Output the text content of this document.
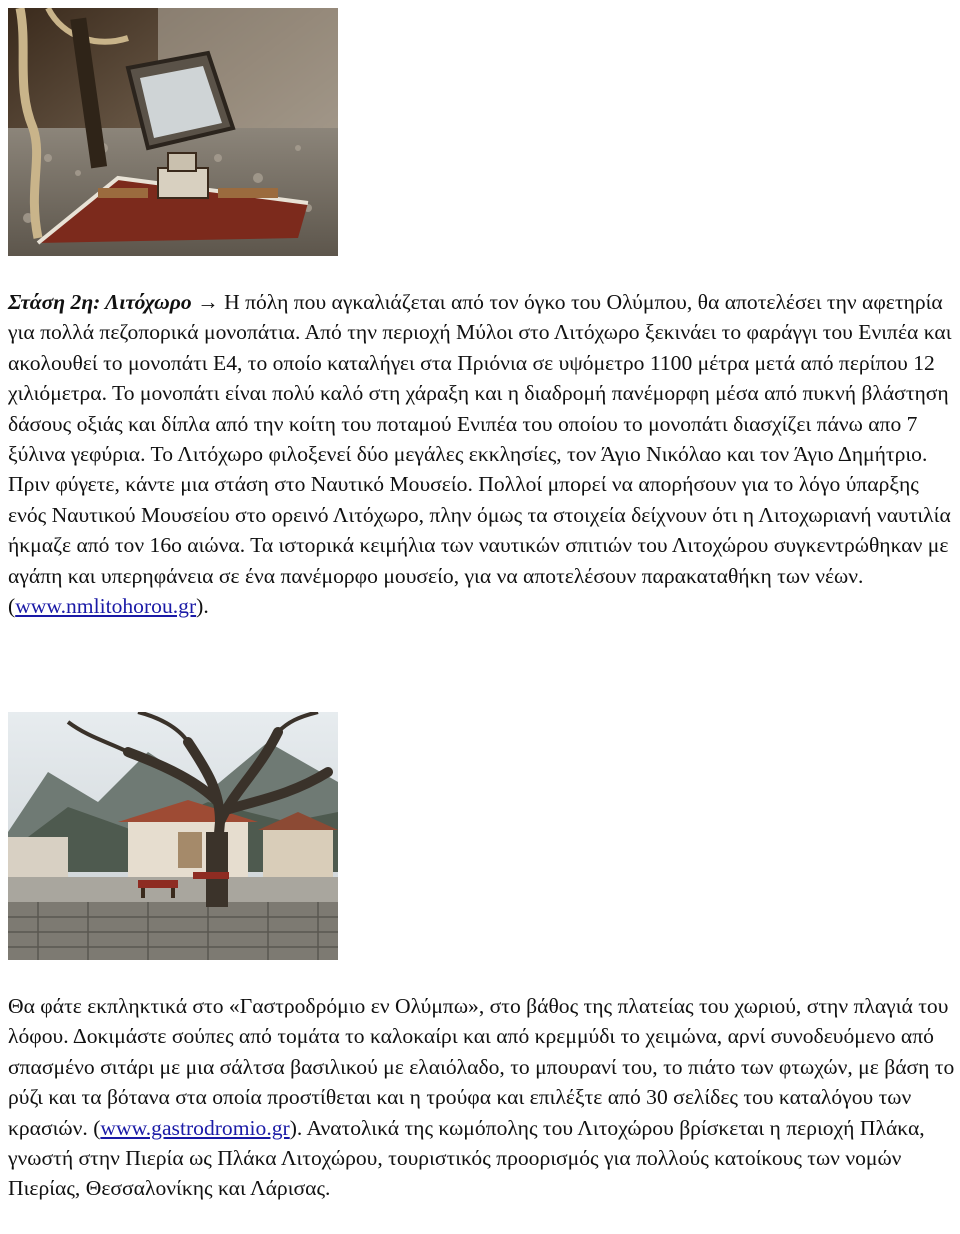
Στάση 2η: Λιτόχωρο → Η πόλη που αγκαλιάζεται από τον όγκο του Ολύμπου, θα αποτελέσει την αφετηρία για πολλά πεζοπορικά μονοπάτια. Από την περιοχή Μύλοι στο Λιτόχωρο ξεκινάει το φαράγγι του Ενιπέα και ακολουθεί το μονοπάτι Ε4, το οποίο καταλήγει στα Πριόνια σε υψόμετρο 1100 μέτρα μετά από περίπου 12 χιλιόμετρα. Το μονοπάτι είναι πολύ καλό στη χάραξη και η διαδρομή πανέμορφη μέσα από πυκνή βλάστηση δάσους οξιάς και δίπλα από την κοίτη του ποταμού Ενιπέα του οποίου το μονοπάτι διασχίζει πάνω απο 7 ξύλινα γεφύρια. Το Λιτόχωρο φιλοξενεί δύο μεγάλες εκκλησίες, τον Άγιο Νικόλαο και τον Άγιο Δημήτριο. Πριν φύγετε, κάντε μια στάση στο Ναυτικό Μουσείο. Πολλοί μπορεί να απορήσουν για το λόγο ύπαρξης ενός Ναυτικού Μουσείου στο ορεινό Λιτόχωρο, πλην όμως τα στοιχεία δείχνουν ότι η Λιτοχωριανή ναυτιλία ήκμαζε από τον 16ο αιώνα. Τα ιστορικά κειμήλια των ναυτικών σπιτιών του Λιτοχώρου συγκεντρώθηκαν με αγάπη και υπερηφάνεια σε ένα πανέμορφο μουσείο, για να αποτελέσουν παρακαταθήκη των νέων.(www.nmlitohorou.gr).

Θα φάτε εκπληκτικά στο «Γαστροδρόμιο εν Ολύμπω», στο βάθος της πλατείας του χωριού, στην πλαγιά του λόφου. Δοκιμάστε σούπες από τομάτα το καλοκαίρι και από κρεμμύδι το χειμώνα, αρνί συνοδευόμενο από σπασμένο σιτάρι με μια σάλτσα βασιλικού με ελαιόλαδο, το μπουρανί του, το πιάτο των φτωχών, με βάση το ρύζι και τα βότανα στα οποία προστίθεται και η τρούφα και επιλέξτε από 30 σελίδες του καταλόγου των κρασιών. (www.gastrodromio.gr). Ανατολικά της κωμόπολης του Λιτοχώρου βρίσκεται η περιοχή Πλάκα, γνωστή στην Πιερία ως Πλάκα Λιτοχώρου, τουριστικός προορισμός για πολλούς κατοίκους των νομών Πιερίας, Θεσσαλονίκης και Λάρισας.
